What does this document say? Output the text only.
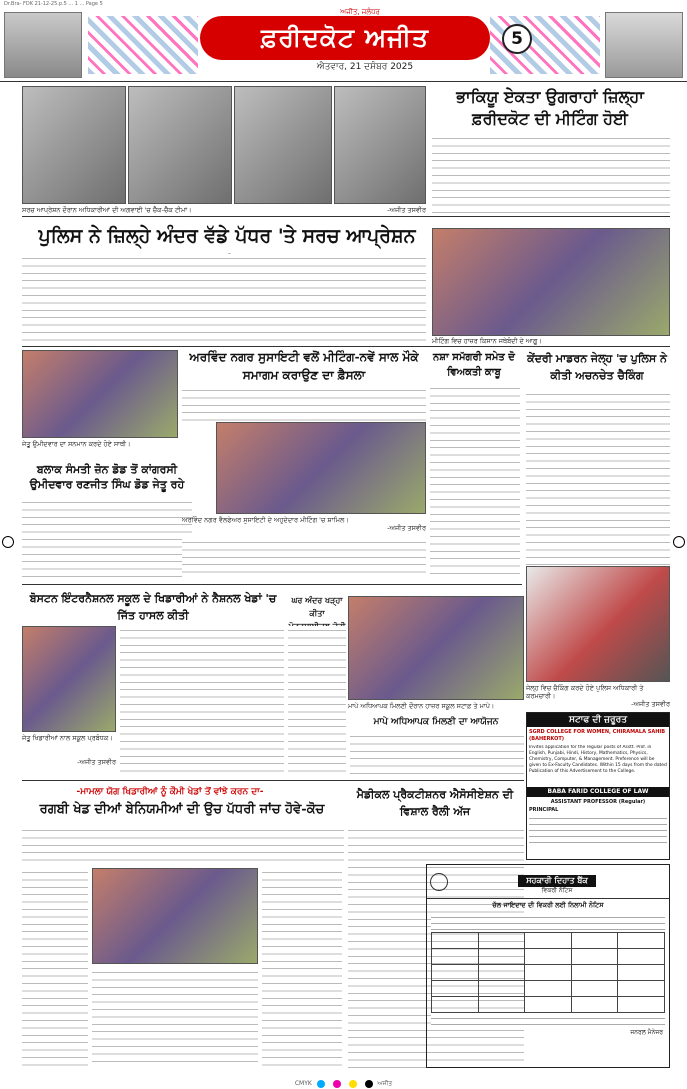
Dr.Bra- FDK 21-12-25.p.5 ... 1 ... Page 5
ਅਜੀਤ, ਜਲੰਧਰ
ਫ਼ਰੀਦਕੋਟ ਅਜੀਤ
ਐਤਵਾਰ, 21 ਦਸੰਬਰ 2025
5
ਸਰਚ ਆਪ੍ਰੇਸ਼ਨ ਦੌਰਾਨ ਅਧਿਕਾਰੀਆਂ ਦੀ ਅਗਵਾਈ 'ਚ ਚੈੱਕ-ਚੈੱਕ ਟੀਮਾਂ।	-ਅਜੀਤ ਤਸਵੀਰ
ਭਾਕਿਯੂ ਏਕਤਾ ਉਗਰਾਹਾਂ ਜ਼ਿਲ੍ਹਾ ਫ਼ਰੀਦਕੋਟ ਦੀ ਮੀਟਿੰਗ ਹੋਈ
ਪੁਲਿਸ ਨੇ ਜ਼ਿਲ੍ਹੇ ਅੰਦਰ ਵੱਡੇ ਪੱਧਰ 'ਤੇ ਸਰਚ ਆਪ੍ਰੇਸ਼ਨ
ਮੀਟਿੰਗ ਵਿਚ ਹਾਜ਼ਰ ਕਿਸਾਨ ਜਥੇਬੰਦੀ ਦੇ ਆਗੂ।
ਜੇਤੂ ਉਮੀਦਵਾਰ ਦਾ ਸਨਮਾਨ ਕਰਦੇ ਹੋਏ ਸਾਥੀ।
ਬਲਾਕ ਸੰਮਤੀ ਜ਼ੋਨ ਡੋਡ ਤੋਂ ਕਾਂਗਰਸੀ ਉਮੀਦਵਾਰ ਰਣਜੀਤ ਸਿੰਘ ਡੋਡ ਜੇਤੂ ਰਹੇ
ਅਰਵਿੰਦ ਨਗਰ ਸੁਸਾਇਟੀ ਵਲੋਂ ਮੀਟਿੰਗ-ਨਵੇਂ ਸਾਲ ਮੌਕੇ ਸਮਾਗਮ ਕਰਾਉਣ ਦਾ ਫ਼ੈਸਲਾ
ਅਰਵਿੰਦ ਨਗਰ ਵੈਲਫੇਅਰ ਸੁਸਾਇਟੀ ਦੇ ਅਹੁਦੇਦਾਰ ਮੀਟਿੰਗ 'ਚ ਸ਼ਾਮਿਲ।
-ਅਜੀਤ ਤਸਵੀਰ
ਨਸ਼ਾ ਸਮੱਗਰੀ ਸਮੇਤ ਦੋ ਵਿਅਕਤੀ ਕਾਬੂ
ਕੇਂਦਰੀ ਮਾਡਰਨ ਜੇਲ੍ਹ 'ਚ ਪੁਲਿਸ ਨੇ ਕੀਤੀ ਅਚਨਚੇਤ ਚੈਕਿੰਗ
ਜੇਲ੍ਹ ਵਿਚ ਚੈਕਿੰਗ ਕਰਦੇ ਹੋਏ ਪੁਲਿਸ ਅਧਿਕਾਰੀ ਤੇ ਕਰਮਚਾਰੀ।
-ਅਜੀਤ ਤਸਵੀਰ
ਬੋਸਟਨ ਇੰਟਰਨੈਸ਼ਨਲ ਸਕੂਲ ਦੇ ਖਿਡਾਰੀਆਂ ਨੇ ਨੈਸ਼ਨਲ ਖੇਡਾਂ 'ਚ ਜਿੱਤ ਹਾਸਲ ਕੀਤੀ
ਜੇਤੂ ਖਿਡਾਰੀਆਂ ਨਾਲ ਸਕੂਲ ਪ੍ਰਬੰਧਕ।
-ਅਜੀਤ ਤਸਵੀਰ
ਘਰ ਅੰਦਰ ਖੜ੍ਹਾ ਕੀਤਾ
ਮਾਪੇ ਅਧਿਆਪਕ ਮਿਲਣੀ ਦੌਰਾਨ ਹਾਜ਼ਰ ਸਕੂਲ ਸਟਾਫ਼ ਤੇ ਮਾਪੇ।
ਮਾਪੇ ਅਧਿਆਪਕ ਮਿਲਣੀ ਦਾ ਆਯੋਜਨ
-ਮਾਮਲਾ ਯੋਗ ਖਿਡਾਰੀਆਂ ਨੂੰ ਕੌਮੀ ਖੇਡਾਂ ਤੋਂ ਵਾਂਝੇ ਕਰਨ ਦਾ-
ਰਗਬੀ ਖੇਡ ਦੀਆਂ ਬੇਨਿਯਮੀਆਂ ਦੀ ਉਚ ਪੱਧਰੀ ਜਾਂਚ ਹੋਵੇ-ਕੋਚ
ਮੈਡੀਕਲ ਪ੍ਰੈਕਟੀਸ਼ਨਰ ਐਸੋਸੀਏਸ਼ਨ ਦੀ ਵਿਸ਼ਾਲ ਰੈਲੀ ਅੱਜ
ਸਟਾਫ ਦੀ ਜ਼ਰੂਰਤ
SGRD COLLEGE FOR WOMEN, CHIRAMALA SAHIB (BAHERKOT)
Invites application for the regular posts of Asstt. Prof. in English, Punjabi, Hindi, History, Mathematics, Physics, Chemistry, Computer, & Management. Preference will be given to Ex-Faculty Candidates. Within 15 days from the dated Publication of this Advertisement to the College.
BABA FARID COLLEGE OF LAW
ASSISTANT PROFESSOR (Regular)
PRINCIPAL
ਸਹਕਾਰੀ ਦਿਹਾਤ ਬੈਂਕ
ਵਿਕਰੀ ਨੋਟਿਸ
ਚੱਲ ਜਾਇਦਾਦ ਦੀ ਵਿਕਰੀ ਲਈ ਨਿਲਾਮੀ ਨੋਟਿਸ

ਜਨਰਲ ਮੈਨੇਜਰ
CMYK	ਅਜੀਤ
